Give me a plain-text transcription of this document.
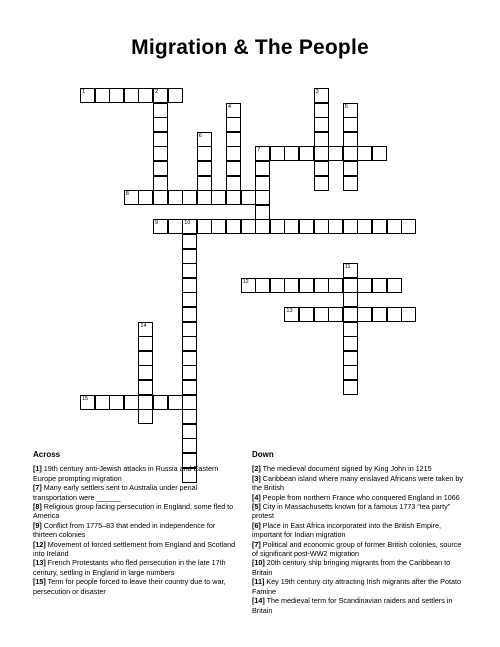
Migration & The People
1	2	3
4	5
6
7
8
9	10
11
12
13
14
15
Across

[1] 19th century anti-Jewish attacks in Russia and Eastern Europe prompting migration

[7] Many early settlers sent to Australia under penal transportation were ______

[8] Religious group facing persecution in England, some fled to America

[9] Conflict from 1775–83 that ended in independence for thirteen colonies

[12] Movement of forced settlement from England and Scotland into Ireland

[13] French Protestants who fled persecution in the late 17th century, settling in England in large numbers

[15] Term for people forced to leave their country due to war, persecution or disaster

Down

[2] The medieval document signed by King John in 1215

[3] Caribbean island where many enslaved Africans were taken by the British

[4] People from northern France who conquered England in 1066

[5] City in Massachusetts known for a famous 1773 “tea party” protest

[6] Place in East Africa incorporated into the British Empire, important for Indian migration

[7] Political and economic group of former British colonies, source of significant post-WW2 migration

[10] 20th century ship bringing migrants from the Caribbean to Britain

[11] Key 19th century city attracting Irish migrants after the Potato Famine

[14] The medieval term for Scandinavian raiders and settlers in Britain
